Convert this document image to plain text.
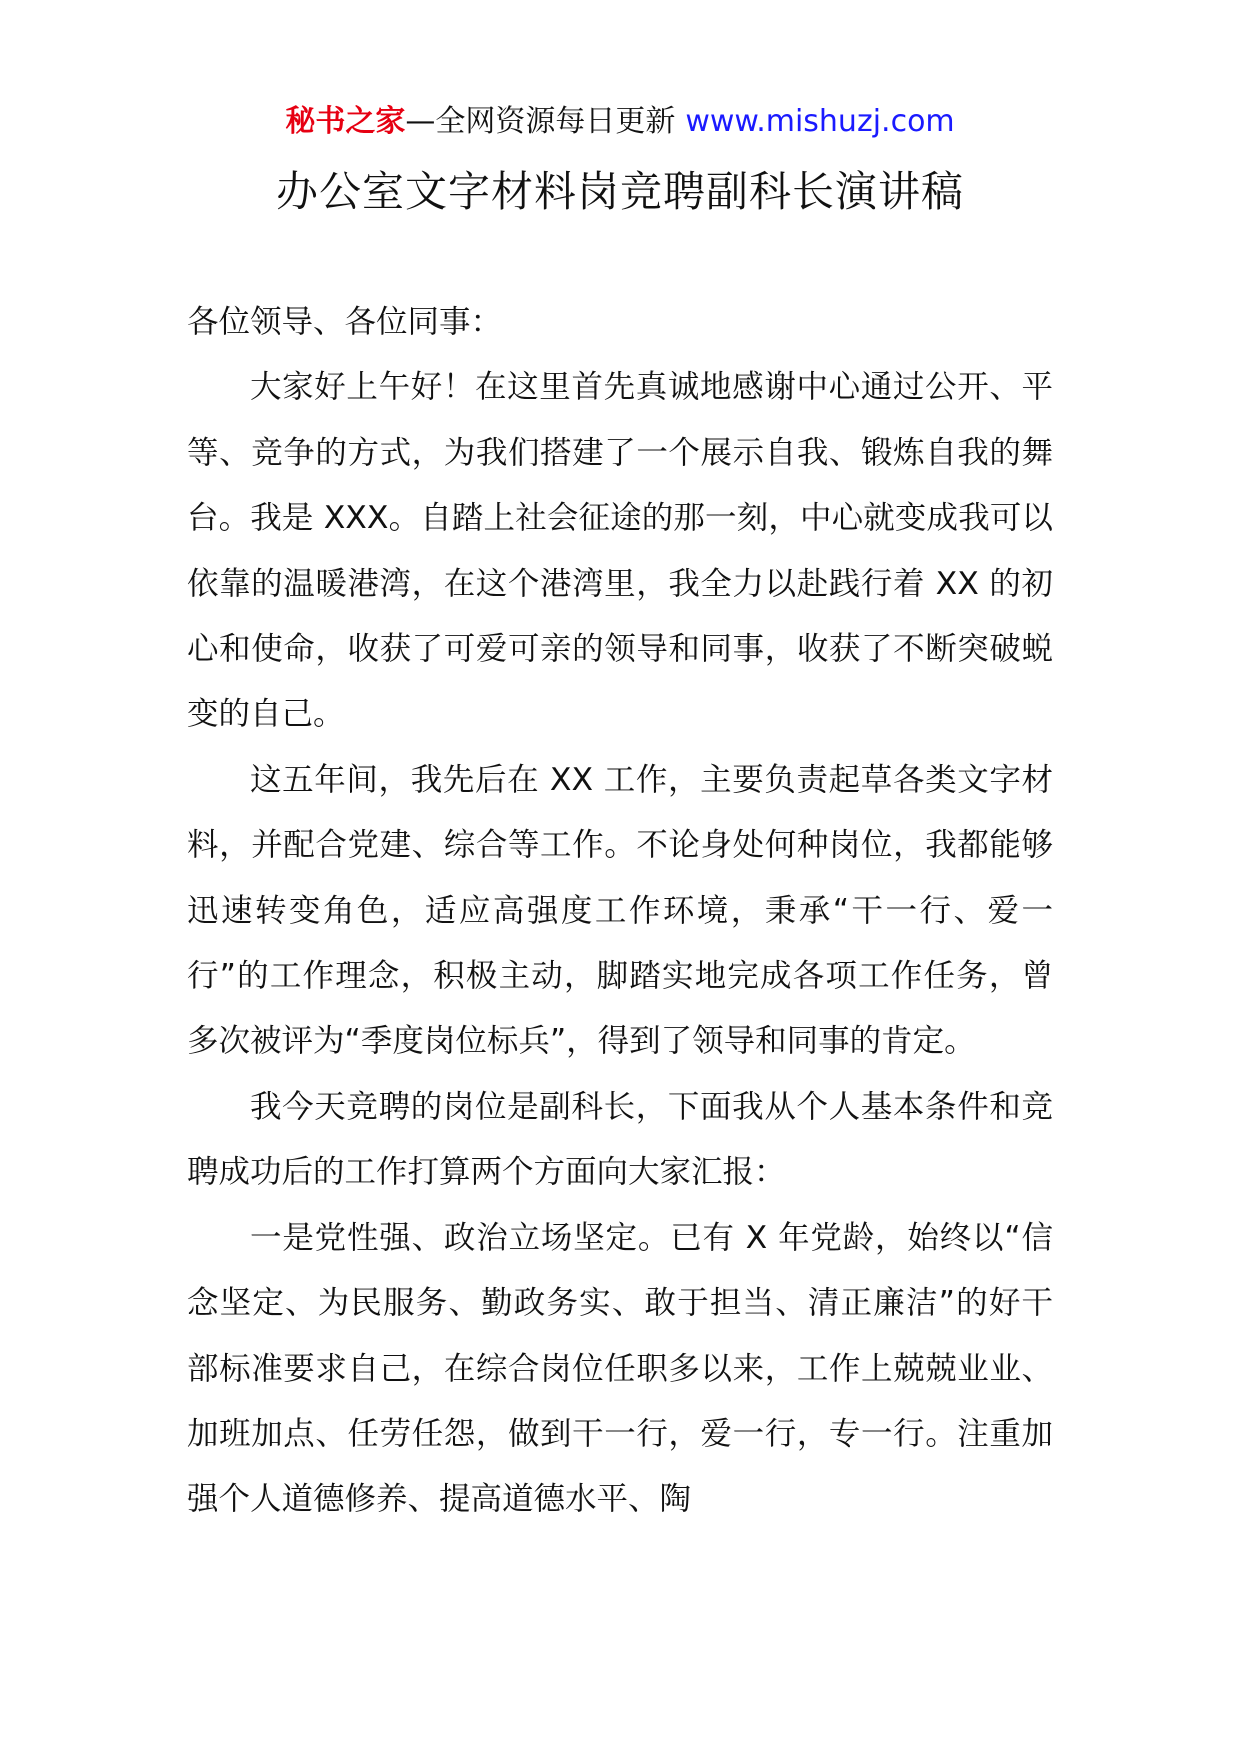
秘书之家—全网资源每日更新 www.mishuzj.com
办公室文字材料岗竞聘副科长演讲稿

各位领导、各位同事：

大家好上午好！在这里首先真诚地感谢中心通过公开、平等、竞争的方式，为我们搭建了一个展示自我、锻炼自我的舞台。我是 XXX。自踏上社会征途的那一刻，中心就变成我可以依靠的温暖港湾，在这个港湾里，我全力以赴践行着 XX 的初心和使命，收获了可爱可亲的领导和同事，收获了不断突破蜕变的自己。

这五年间，我先后在 XX 工作，主要负责起草各类文字材料，并配合党建、综合等工作。不论身处何种岗位，我都能够迅速转变角色，适应高强度工作环境，秉承“干一行、爱一行”的工作理念，积极主动，脚踏实地完成各项工作任务，曾多次被评为“季度岗位标兵”，得到了领导和同事的肯定。

我今天竞聘的岗位是副科长，下面我从个人基本条件和竞聘成功后的工作打算两个方面向大家汇报：

一是党性强、政治立场坚定。已有 X 年党龄，始终以“信念坚定、为民服务、勤政务实、敢于担当、清正廉洁”的好干部标准要求自己，在综合岗位任职多以来，工作上兢兢业业、加班加点、任劳任怨，做到干一行，爱一行，专一行。注重加强个人道德修养、提高道德水平、陶
